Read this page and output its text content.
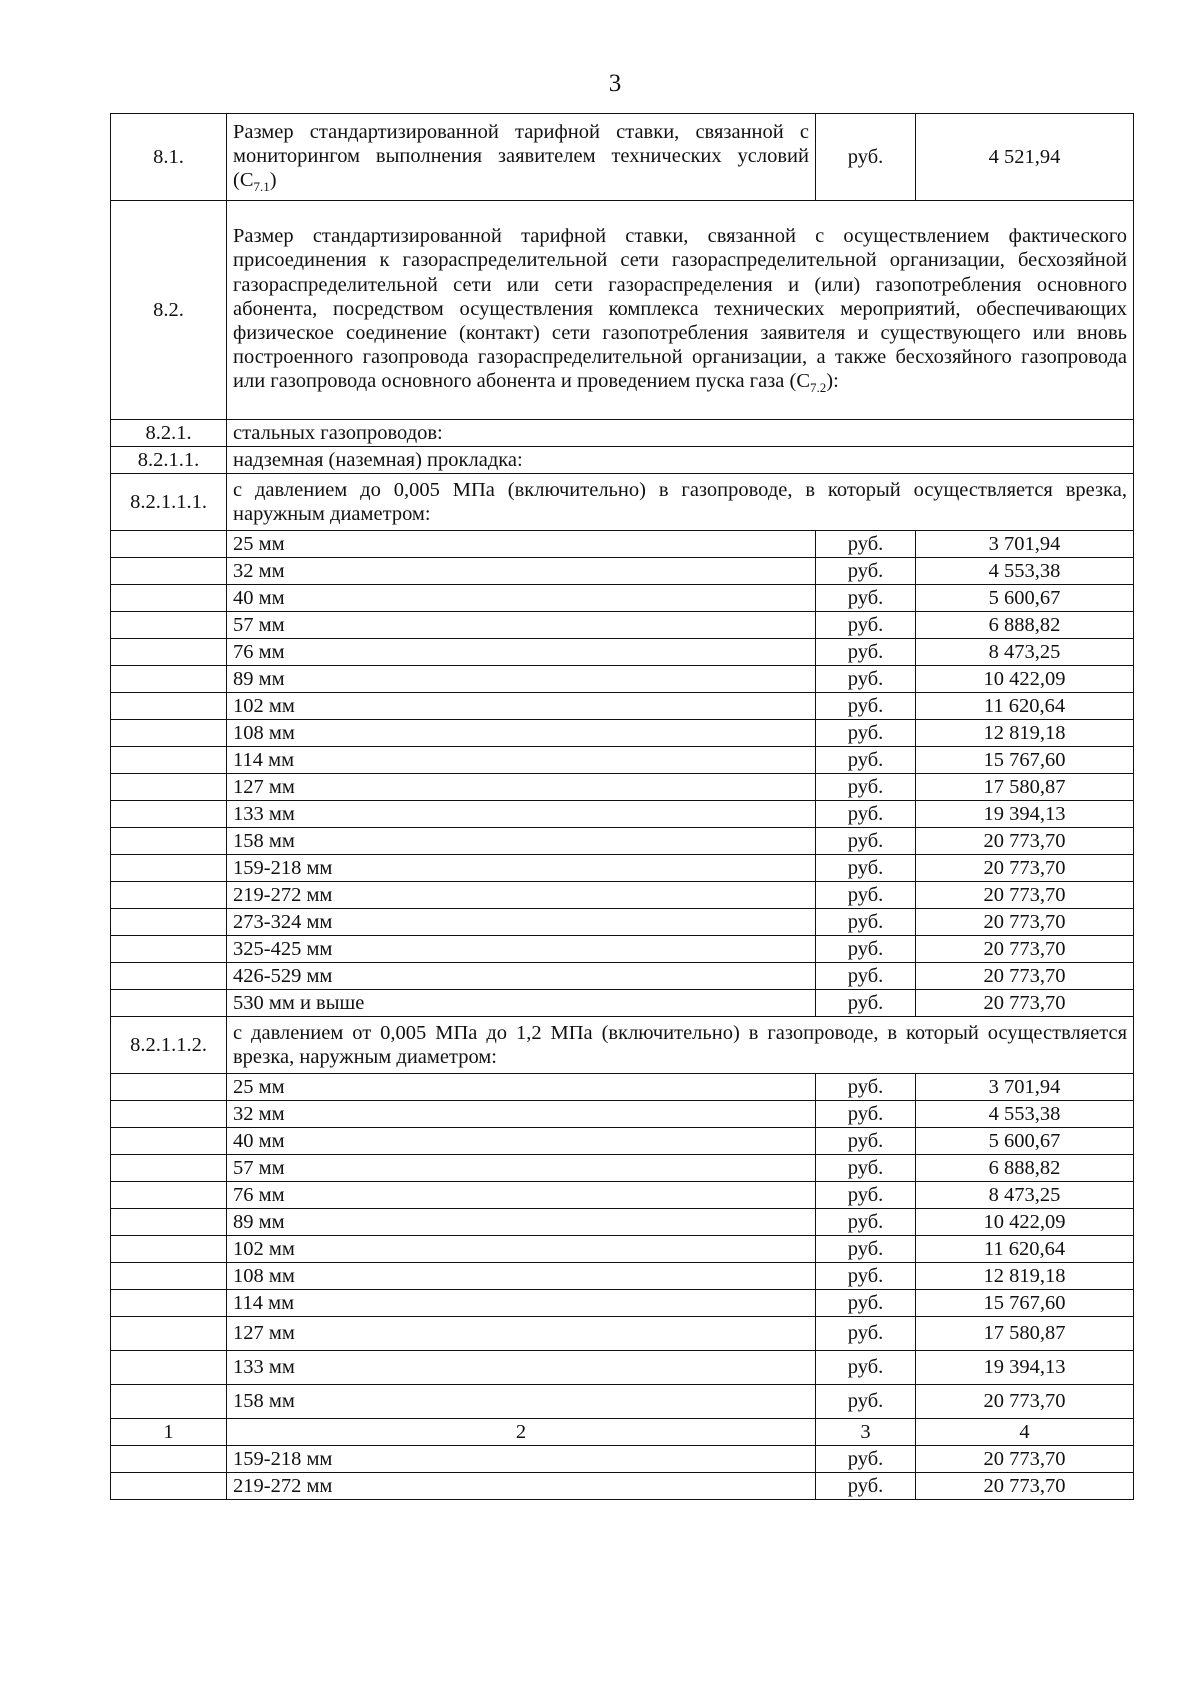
3
8.1.	Размер стандартизированной тарифной ставки, связанной с мониторингом выполнения заявителем технических условий $(С_{7.1})$	руб.	4 521,94
8.2.	Размер стандартизированной тарифной ставки, связанной с осуществлением фактического присоединения к газораспределительной сети газораспределительной организации, бесхозяйной газораспределительной сети или сети газораспределения и (или) газопотребления основного абонента, посредством осуществления комплекса технических мероприятий, обеспечивающих физическое соединение (контакт) сети газопотребления заявителя и существующего или вновь построенного газопровода газораспределительной организации, а также бесхозяйного газопровода или газопровода основного абонента и проведением пуска газа $(С_{7.2})$:		
8.2.1.	стальных газопроводов:		
8.2.1.1.	надземная (наземная) прокладка:		
8.2.1.1.1.	с давлением до 0,005 МПа (включительно) в газопроводе, в который осуществляется врезка, наружным диаметром:		
	25 мм	руб.	3 701,94
	32 мм	руб.	4 553,38
	40 мм	руб.	5 600,67
	57 мм	руб.	6 888,82
	76 мм	руб.	8 473,25
	89 мм	руб.	10 422,09
	102 мм	руб.	11 620,64
	108 мм	руб.	12 819,18
	114 мм	руб.	15 767,60
	127 мм	руб.	17 580,87
	133 мм	руб.	19 394,13
	158 мм	руб.	20 773,70
	159-218 мм	руб.	20 773,70
	219-272 мм	руб.	20 773,70
	273-324 мм	руб.	20 773,70
	325-425 мм	руб.	20 773,70
	426-529 мм	руб.	20 773,70
	530 мм и выше	руб.	20 773,70
8.2.1.1.2.	с давлением от 0,005 МПа до 1,2 МПа (включительно) в газопроводе, в который осуществляется врезка, наружным диаметром:		
	25 мм	руб.	3 701,94
	32 мм	руб.	4 553,38
	40 мм	руб.	5 600,67
	57 мм	руб.	6 888,82
	76 мм	руб.	8 473,25
	89 мм	руб.	10 422,09
	102 мм	руб.	11 620,64
	108 мм	руб.	12 819,18
	114 мм	руб.	15 767,60
	127 мм	руб.	17 580,87
	133 мм	руб.	19 394,13
	158 мм	руб.	20 773,70
1	2	3	4
	159-218 мм	руб.	20 773,70
	219-272 мм	руб.	20 773,70
